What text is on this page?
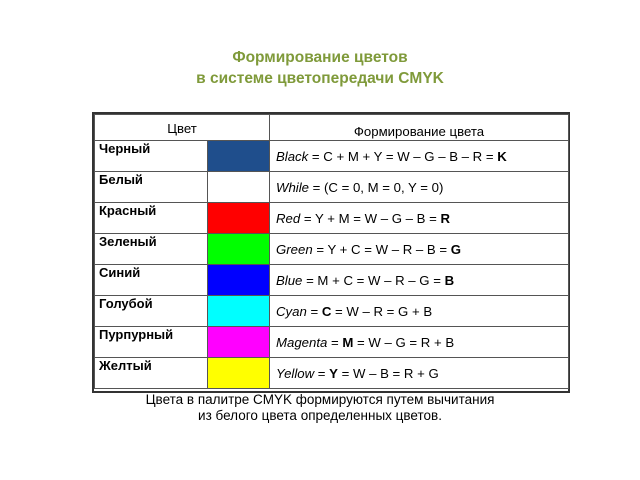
Формирование цветов
в системе цветопередачи CMYK
Цвет		Формирование цвета
Черный		Black = C + M + Y = W – G – B – R = K
Белый		While = (C = 0, M = 0, Y = 0)
Красный		Red = Y + M = W – G – B = R
Зеленый		Green = Y + C = W – R – B = G
Синий		Blue = M + C = W – R – G = B
Голубой		Cyan = C = W – R = G + B
Пурпурный		Magenta = M = W – G = R + B
Желтый		Yellow = Y = W – B = R + G
Цвета в палитре CMYK формируются путем вычитания
из белого цвета определенных цветов.
